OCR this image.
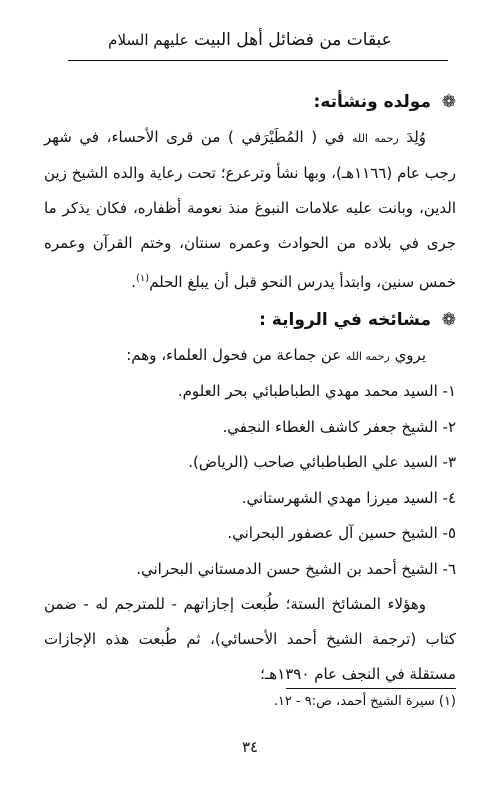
عبقات من فضائل أهل البيت عليهم السلام
❁
مولده ونشأته:

وُلِدَ رحمه الله في ( المُطَيْرَفي ) من قرى الأحساء، في شهر رجب عام (١١٦٦هـ)، وبها نشأ وترعرع؛ تحت رعاية والده الشيخ زين الدين، وبانت عليه علامات النبوغ منذ نعومة أظفاره، فكان يذكر ما جرى في بلاده من الحوادث وعمره سنتان، وختم القرآن وعمره خمس سنين، وابتدأ يدرس النحو قبل أن يبلغ الحلم$^{(١)}$.

❁
مشائخه في الرواية :

يروي رحمه الله عن جماعة من فحول العلماء، وهم:

١- السيد محمد مهدي الطباطبائي بحر العلوم.
٢- الشيخ جعفر كاشف الغطاء النجفي.
٣- السيد علي الطباطبائي صاحب (الرياض).
٤- السيد ميرزا مهدي الشهرستاني.
٥- الشيخ حسين آل عصفور البحراني.
٦- الشيخ أحمد بن الشيخ حسن الدمستاني البحراني.

وهؤلاء المشائخ الستة؛ طُبعت إجازاتهم - للمترجم له - ضمن كتاب (ترجمة الشيخ أحمد الأحسائي)، ثم طُبعت هذه الإجازات مستقلة في النجف عام ١٣٩٠هـ؛

(١) سيرة الشيخ أحمد، ص:٩ - ١٢.
٣٤
